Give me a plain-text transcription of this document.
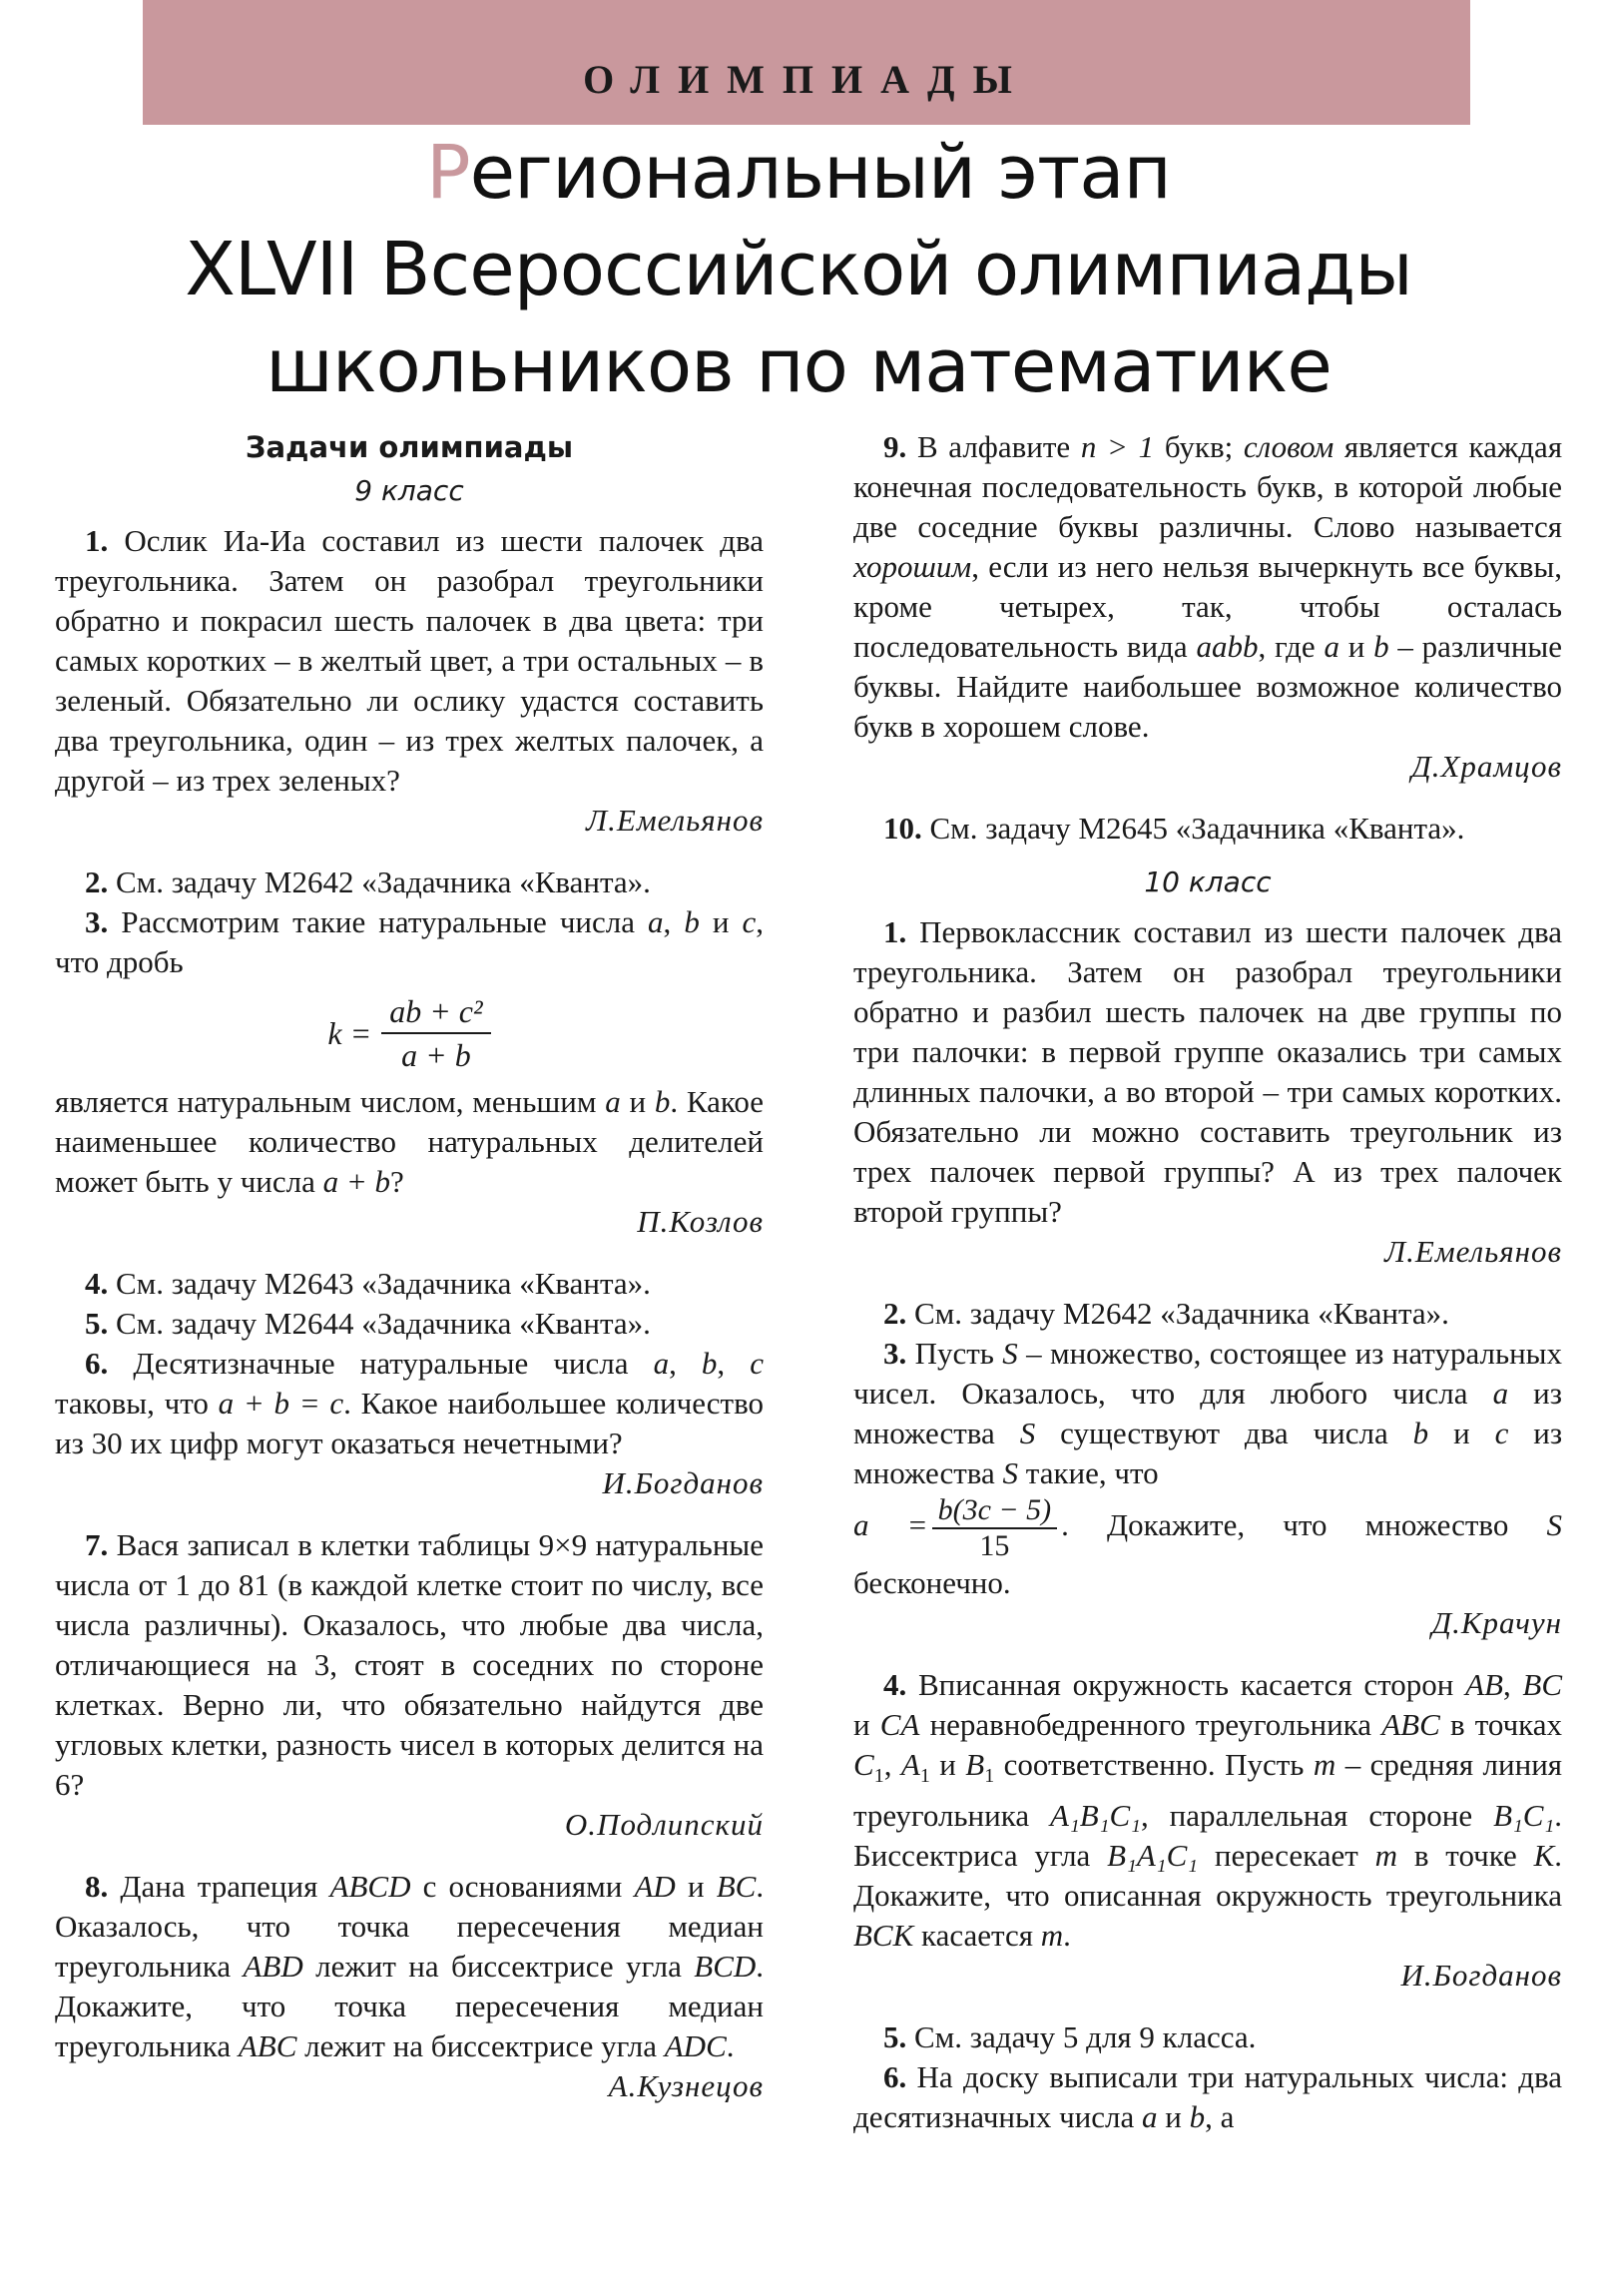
ОЛИМПИАДЫ
Региональный этап
XLVII Всероссийской олимпиады
школьников по математике

Задачи олимпиады

9 класс

1. Ослик Иа-Иа составил из шести палочек два треугольника. Затем он разобрал треугольники обратно и покрасил шесть палочек в два цвета: три самых коротких – в желтый цвет, а три остальных – в зеленый. Обязательно ли ослику удастся составить два треугольника, один – из трех желтых палочек, а другой – из трех зеленых?

Л.Емельянов

2. См. задачу М2642 «Задачника «Кванта».

3. Рассмотрим такие натуральные числа a, b и c, что дробь

$k = \frac{\text{ab + c²}}{a + b}$

является натуральным числом, меньшим a и b. Какое наименьшее количество натуральных делителей может быть у числа a + b?

П.Козлов

4. См. задачу М2643 «Задачника «Кванта».

5. См. задачу М2644 «Задачника «Кванта».

6. Десятизначные натуральные числа a, b, c таковы, что a + b = c. Какое наибольшее количество из 30 их цифр могут оказаться нечетными?

И.Богданов

7. Вася записал в клетки таблицы 9×9 натуральные числа от 1 до 81 (в каждой клетке стоит по числу, все числа различны). Оказалось, что любые два числа, отличающиеся на 3, стоят в соседних по стороне клетках. Верно ли, что обязательно найдутся две угловых клетки, разность чисел в которых делится на 6?

О.Подлипский

8. Дана трапеция ABCD с основаниями AD и BC. Оказалось, что точка пересечения медиан треугольника ABD лежит на биссектрисе угла BCD. Докажите, что точка пересечения медиан треугольника ABC лежит на биссектрисе угла ADC.

А.Кузнецов

9. В алфавите n > 1 букв; словом является каждая конечная последовательность букв, в которой любые две соседние буквы различны. Слово называется хорошим, если из него нельзя вычеркнуть все буквы, кроме четырех, так, чтобы осталась последовательность вида aabb, где a и b – различные буквы. Найдите наибольшее возможное количество букв в хорошем слове.

Д.Храмцов

10. См. задачу М2645 «Задачника «Кванта».

10 класс

1. Первоклассник составил из шести палочек два треугольника. Затем он разобрал треугольники обратно и разбил шесть палочек на две группы по три палочки: в первой группе оказались три самых длинных палочки, а во второй – три самых коротких. Обязательно ли можно составить треугольник из трех палочек первой группы? А из трех палочек второй группы?

Л.Емельянов

2. См. задачу М2642 «Задачника «Кванта».

3. Пусть S – множество, состоящее из натуральных чисел. Оказалось, что для любого числа a из множества S существуют два числа b и c из множества S такие, что

$a = \frac{b(3c - 5)}{15}$ . Докажите, что множество S бесконечно.

Д.Крачун

4. Вписанная окружность касается сторон AB, BC и CA неравнобедренного треугольника ABC в точках $C_1$, $A_1$ и $B_1$ соответственно. Пусть m – средняя линия треугольника A₁B₁C₁, параллельная стороне B₁C₁. Биссектриса угла B₁A₁C₁ пересекает m в точке K. Докажите, что описанная окружность треугольника BCK касается m.

И.Богданов

5. См. задачу 5 для 9 класса.

6. На доску выписали три натуральных числа: два десятизначных числа a и b, а
